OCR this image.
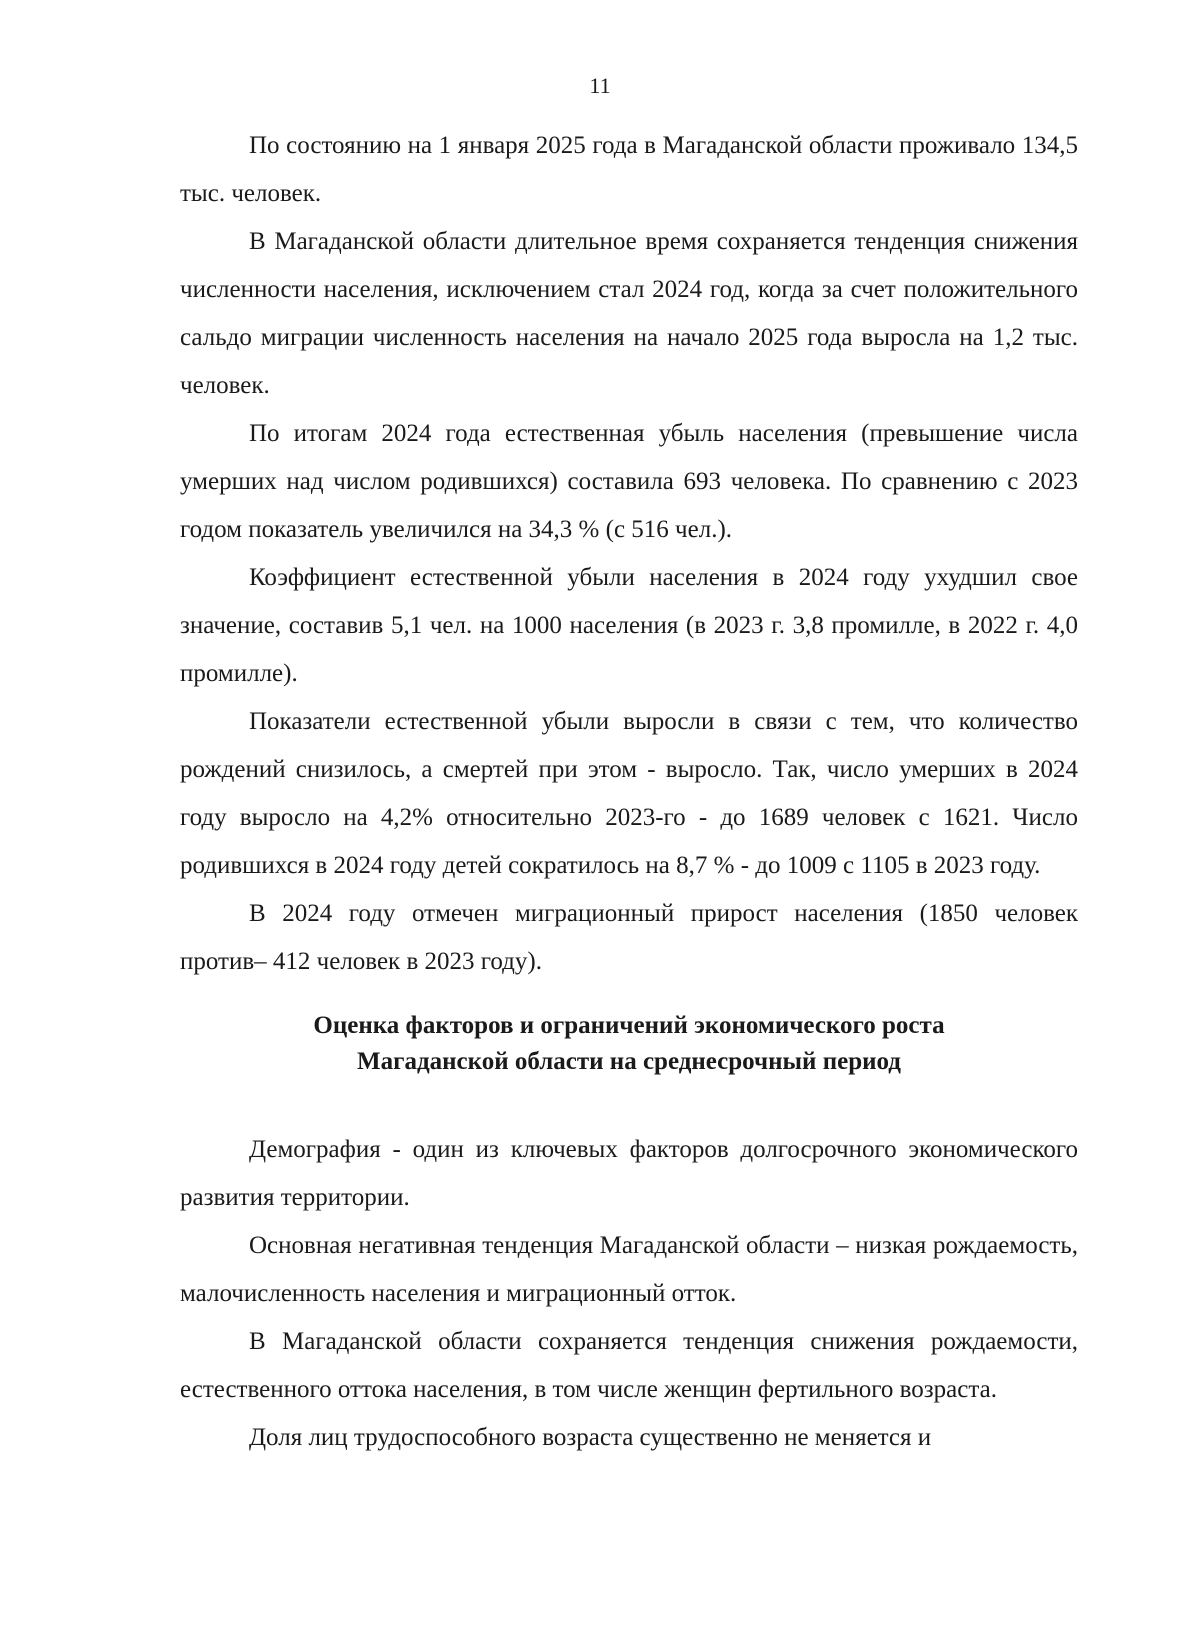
11

По состоянию на 1 января 2025 года в Магаданской области проживало 134,5 тыс. человек.

В Магаданской области длительное время сохраняется тенденция снижения численности населения, исключением стал 2024 год, когда за счет положительного сальдо миграции численность населения на начало 2025 года выросла на 1,2 тыс. человек.

По итогам 2024 года естественная убыль населения (превышение числа умерших над числом родившихся) составила 693 человека. По сравнению с 2023 годом показатель увеличился на 34,3 % (с 516 чел.).

Коэффициент естественной убыли населения в 2024 году ухудшил свое значение, составив 5,1 чел. на 1000 населения (в 2023 г. 3,8 промилле, в 2022 г. 4,0 промилле).

Показатели естественной убыли выросли в связи с тем, что количество рождений снизилось, а смертей при этом - выросло. Так, число умерших в 2024 году выросло на 4,2% относительно 2023-го - до 1689 человек с 1621. Число родившихся в 2024 году детей сократилось на 8,7 % - до 1009 с 1105 в 2023 году.

В 2024 году отмечен миграционный прирост населения (1850 человек против– 412 человек в 2023 году).

Оценка факторов и ограничений экономического роста
Магаданской области на среднесрочный период

Демография - один из ключевых факторов долгосрочного экономического развития территории.

Основная негативная тенденция Магаданской области – низкая рождаемость, малочисленность населения и миграционный отток.

В Магаданской области сохраняется тенденция снижения рождаемости, естественного оттока населения, в том числе женщин фертильного возраста.

Доля лиц трудоспособного возраста существенно не меняется и
